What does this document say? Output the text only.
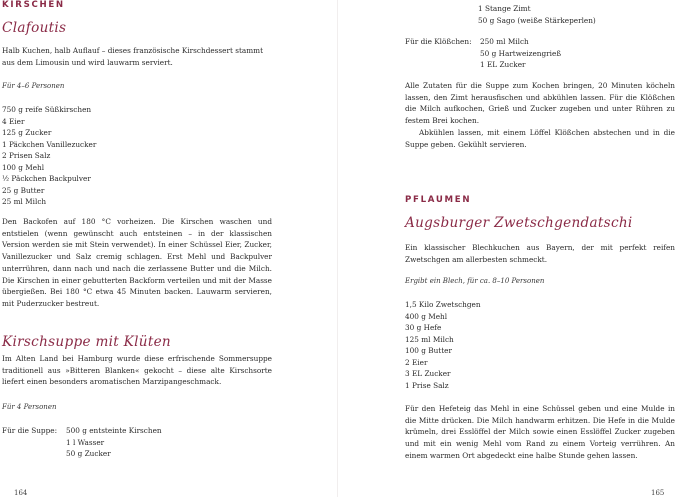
KIRSCHEN
Clafoutis
Halb Kuchen, halb Auflauf – dieses französische Kirschdessert stammt
aus dem Limousin und wird lauwarm serviert.
Für 4–6 Personen
750 g reife Süßkirschen
4 Eier
125 g Zucker
1 Päckchen Vanillezucker
2 Prisen Salz
100 g Mehl
½ Päckchen Backpulver
25 g Butter
25 ml Milch

Den Backofen auf 180 °C vorheizen. Die Kirschen waschen und entstielen (wenn gewünscht auch entsteinen – in der klassischen Version werden sie mit Stein verwendet). In einer Schüssel Eier, Zucker, Vanillezucker und Salz cremig schlagen. Erst Mehl und Backpulver unterrühren, dann nach und nach die zerlassene Butter und die Milch. Die Kirschen in einer gebutterten Backform verteilen und mit der Masse übergießen. Bei 180 °C etwa 45 Minuten backen. Lauwarm servieren, mit Puderzucker bestreut.

Kirschsuppe mit Klüten

Im Alten Land bei Hamburg wurde diese erfrischende Sommersuppe traditionell aus »Bitteren Blanken« gekocht – diese alte Kirschsorte liefert einen besonders aromatischen Marzipangeschmack.

Für 4 Personen
Für die Suppe:	500 g entsteinte Kirschen
1 l Wasser
50 g Zucker
164
1 Stange Zimt
50 g Sago (weiße Stärkeperlen)
Für die Klößchen:	250 ml Milch
50 g Hartweizengrieß
1 EL Zucker

Alle Zutaten für die Suppe zum Kochen bringen, 20 Minuten köcheln lassen, den Zimt herausfischen und abkühlen lassen. Für die Klößchen die Milch aufkochen, Grieß und Zucker zugeben und unter Rühren zu festem Brei kochen.

Abkühlen lassen, mit einem Löffel Klößchen abstechen und in die Suppe geben. Gekühlt servieren.

PFLAUMEN
Augsburger Zwetschgendatschi

Ein klassischer Blechkuchen aus Bayern, der mit perfekt reifen Zwetschgen am allerbesten schmeckt.

Ergibt ein Blech, für ca. 8–10 Personen
1,5 Kilo Zwetschgen
400 g Mehl
30 g Hefe
125 ml Milch
100 g Butter
2 Eier
3 EL Zucker
1 Prise Salz

Für den Hefeteig das Mehl in eine Schüssel geben und eine Mulde in die Mitte drücken. Die Milch handwarm erhitzen. Die Hefe in die Mulde krümeln, drei Esslöffel der Milch sowie einen Esslöffel Zucker zugeben und mit ein wenig Mehl vom Rand zu einem Vorteig verrühren. An einem warmen Ort abgedeckt eine halbe Stunde gehen lassen.

165
